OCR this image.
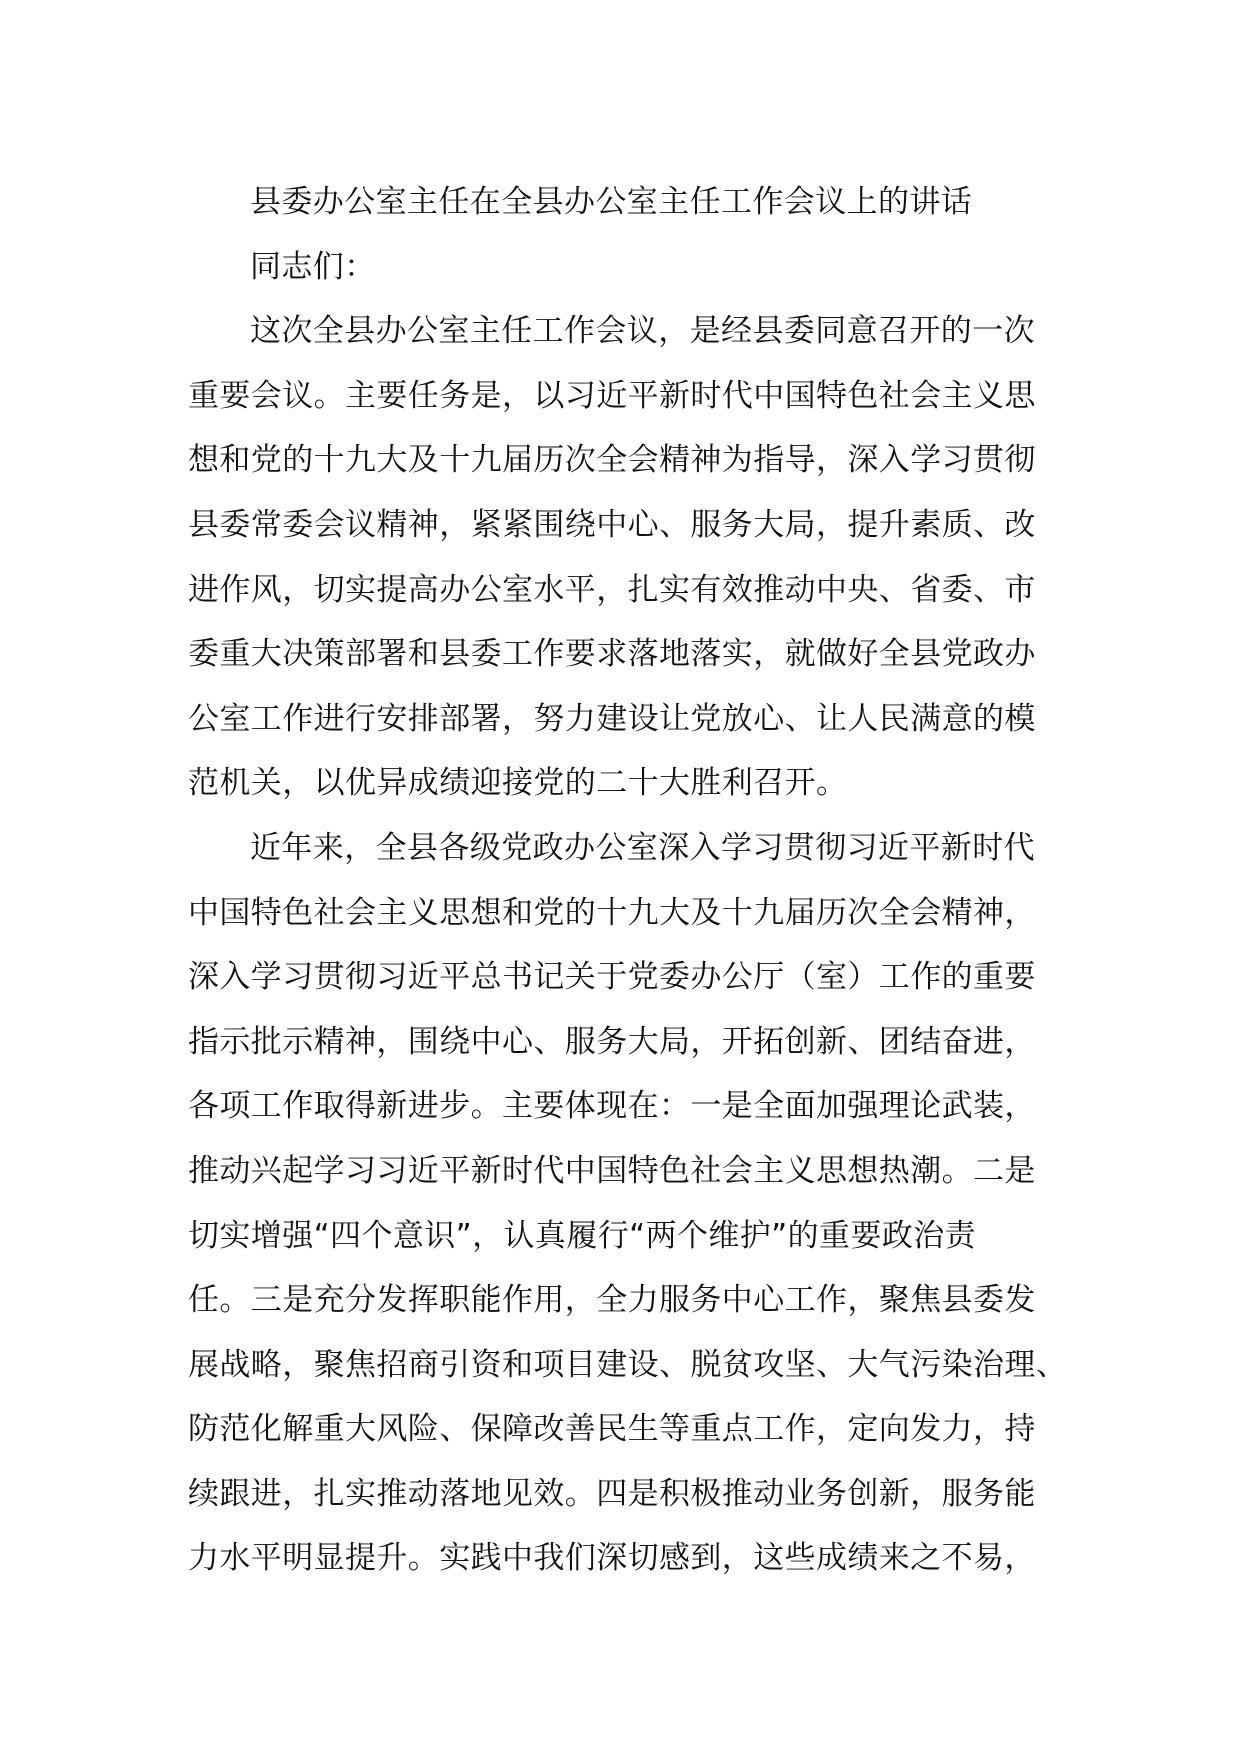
县委办公室主任在全县办公室主任工作会议上的讲话
同志们：
这次全县办公室主任工作会议，是经县委同意召开的一次
重要会议。主要任务是，以习近平新时代中国特色社会主义思
想和党的十九大及十九届历次全会精神为指导，深入学习贯彻
县委常委会议精神，紧紧围绕中心、服务大局，提升素质、改
进作风，切实提高办公室水平，扎实有效推动中央、省委、市
委重大决策部署和县委工作要求落地落实，就做好全县党政办
公室工作进行安排部署，努力建设让党放心、让人民满意的模
范机关，以优异成绩迎接党的二十大胜利召开。
近年来，全县各级党政办公室深入学习贯彻习近平新时代
中国特色社会主义思想和党的十九大及十九届历次全会精神，
深入学习贯彻习近平总书记关于党委办公厅（室）工作的重要
指示批示精神，围绕中心、服务大局，开拓创新、团结奋进，
各项工作取得新进步。主要体现在：一是全面加强理论武装，
推动兴起学习习近平新时代中国特色社会主义思想热潮。二是
切实增强“四个意识”，认真履行“两个维护”的重要政治责
任。三是充分发挥职能作用，全力服务中心工作，聚焦县委发
展战略，聚焦招商引资和项目建设、脱贫攻坚、大气污染治理、
防范化解重大风险、保障改善民生等重点工作，定向发力，持
续跟进，扎实推动落地见效。四是积极推动业务创新，服务能
力水平明显提升。实践中我们深切感到，这些成绩来之不易，
